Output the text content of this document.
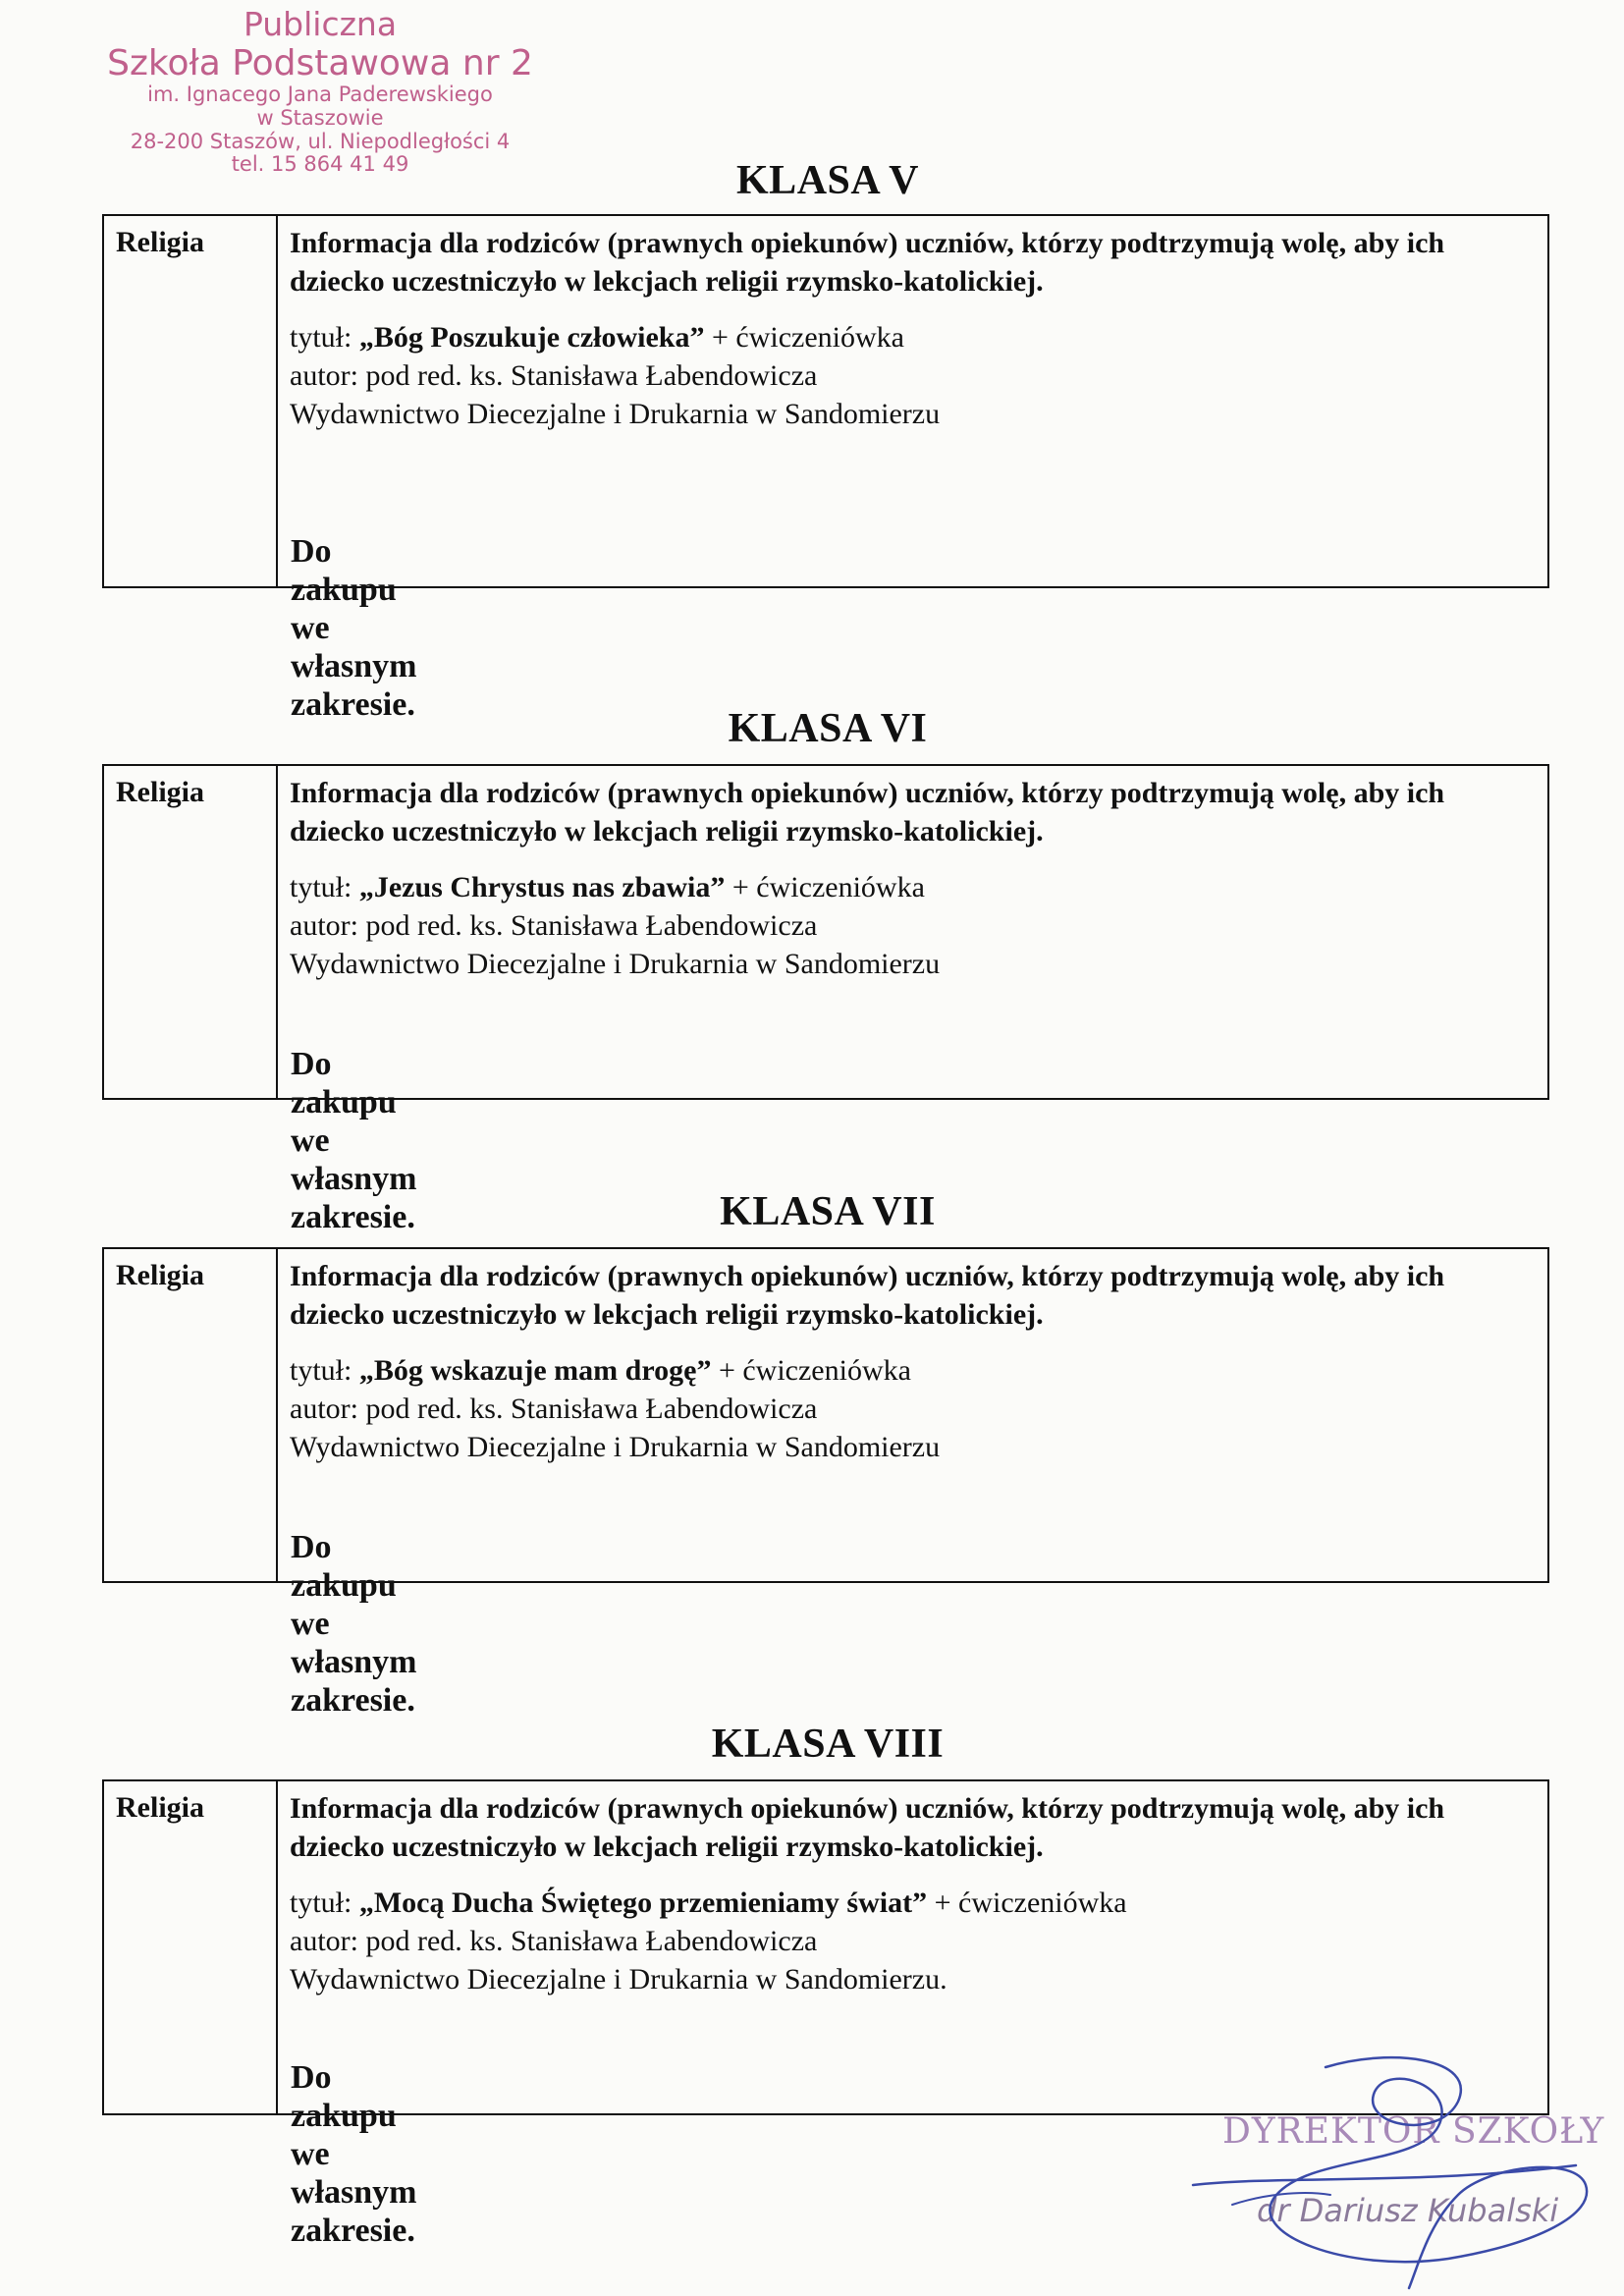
Publiczna
Szkoła Podstawowa nr 2
im. Ignacego Jana Paderewskiego
w Staszowie
28-200 Staszów, ul. Niepodległości 4
tel. 15 864 41 49	KLASA V
Religia	Informacja dla rodziców (prawnych opiekunów) uczniów, którzy podtrzymują wolę, aby ich dziecko uczestniczyło w lekcjach religii rzymsko-katolickiej.
tytuł: „Bóg Poszukuje człowieka” + ćwiczeniówka
autor: pod red. ks. Stanisława Łabendowicza
Wydawnictwo Diecezjalne i Drukarnia w Sandomierzu
Do zakupu we własnym zakresie.
KLASA VI
Religia	Informacja dla rodziców (prawnych opiekunów) uczniów, którzy podtrzymują wolę, aby ich dziecko uczestniczyło w lekcjach religii rzymsko-katolickiej.
tytuł: „Jezus Chrystus nas zbawia” + ćwiczeniówka
autor: pod red. ks. Stanisława Łabendowicza
Wydawnictwo Diecezjalne i Drukarnia w Sandomierzu
Do zakupu we własnym zakresie.	KLASA VII
Religia	Informacja dla rodziców (prawnych opiekunów) uczniów, którzy podtrzymują wolę, aby ich dziecko uczestniczyło w lekcjach religii rzymsko-katolickiej.
tytuł: „Bóg wskazuje mam drogę” + ćwiczeniówka
autor: pod red. ks. Stanisława Łabendowicza
Wydawnictwo Diecezjalne i Drukarnia w Sandomierzu
Do zakupu we własnym zakresie.
KLASA VIII
Religia	Informacja dla rodziców (prawnych opiekunów) uczniów, którzy podtrzymują wolę, aby ich dziecko uczestniczyło w lekcjach religii rzymsko-katolickiej.
tytuł: „Mocą Ducha Świętego przemieniamy świat” + ćwiczeniówka
autor: pod red. ks. Stanisława Łabendowicza
Wydawnictwo Diecezjalne i Drukarnia w Sandomierzu.
Do zakupu we własnym zakresie.
DYREKTOR SZKOŁY
dr Dariusz Kubalski
